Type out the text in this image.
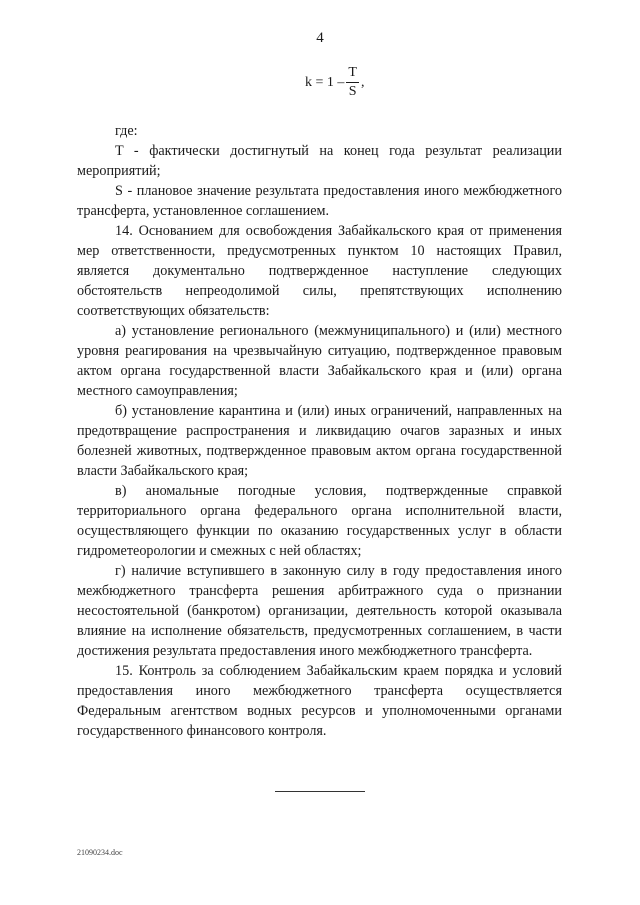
4
$k = 1 - \frac{T}{S}$ ,

где:

T - фактически достигнутый на конец года результат реализации мероприятий;

S - плановое значение результата предоставления иного межбюджетного трансферта, установленное соглашением.

14. Основанием для освобождения Забайкальского края от применения мер ответственности, предусмотренных пунктом 10 настоящих Правил, является документально подтвержденное наступление следующих обстоятельств непреодолимой силы, препятствующих исполнению соответствующих обязательств:

а) установление регионального (межмуниципального) и (или) местного уровня реагирования на чрезвычайную ситуацию, подтвержденное правовым актом органа государственной власти Забайкальского края и (или) органа местного самоуправления;

б) установление карантина и (или) иных ограничений, направленных на предотвращение распространения и ликвидацию очагов заразных и иных болезней животных, подтвержденное правовым актом органа государственной власти Забайкальского края;

в) аномальные погодные условия, подтвержденные справкой территориального органа федерального органа исполнительной власти, осуществляющего функции по оказанию государственных услуг в области гидрометеорологии и смежных с ней областях;

г) наличие вступившего в законную силу в году предоставления иного межбюджетного трансферта решения арбитражного суда о признании несостоятельной (банкротом) организации, деятельность которой оказывала влияние на исполнение обязательств, предусмотренных соглашением, в части достижения результата предоставления иного межбюджетного трансферта.

15. Контроль за соблюдением Забайкальским краем порядка и условий предоставления иного межбюджетного трансферта осуществляется Федеральным агентством водных ресурсов и уполномоченными органами государственного финансового контроля.

21090234.doc
